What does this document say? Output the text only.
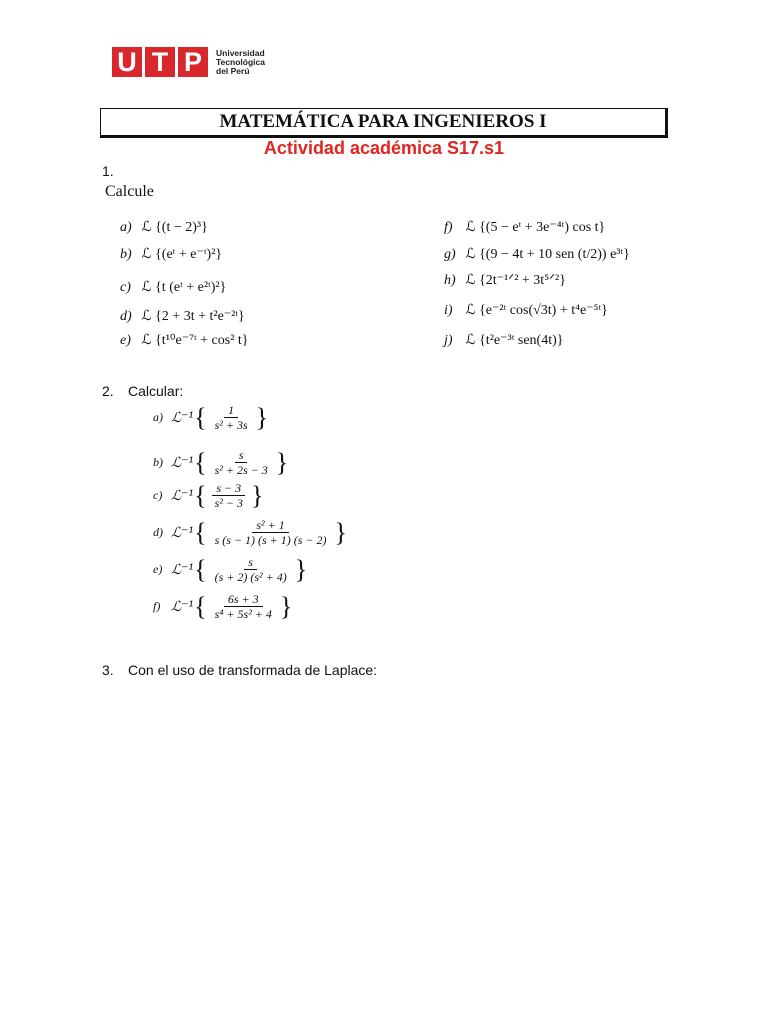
U T P	Universidad
Tecnológica
del Perú
MATEMÁTICA PARA INGENIEROS I
Actividad académica S17.s1
1.
Calcule
a) ℒ {(t − 2)³}
b) ℒ {(eᵗ + e⁻ᵗ)²}
c) ℒ {t (eᵗ + e²ᵗ)²}
d) ℒ {2 + 3t + t²e⁻²ᵗ}
e) ℒ {t¹⁰e⁻⁷ᵗ + cos² t}
f) ℒ {(5 − eᵗ + 3e⁻⁴ᵗ) cos t}
g) ℒ {(9 − 4t + 10 sen (t/2)) e³ᵗ}
h) ℒ {2t⁻¹ᐟ² + 3t⁵ᐟ²}
i) ℒ {e⁻²ᵗ cos(√3t) + t⁴e⁻⁵ᵗ}
j) ℒ {t²e⁻³ᵗ sen(4t)}
2. Calcular:
a) ℒ⁻¹ { $\frac{1}{\text{s² + 3s}}$ }
b) ℒ⁻¹ { $\frac{s}{\text{s² + 2s − 3}}$ }
c) ℒ⁻¹ { $\frac{s - 3}{\text{s² − 3}}$ }
d) ℒ⁻¹ { $\frac{\text{s² + 1}}{s (s - 1) (s + 1) (s - 2)}$ }
e) ℒ⁻¹ { $\frac{s}{\text{(s + 2) (s² + 4)}}$ }
f) ℒ⁻¹ { $\frac{6s + 3}{\text{s⁴ + 5s² + 4}}$ }
3. Con el uso de transformada de Laplace:
